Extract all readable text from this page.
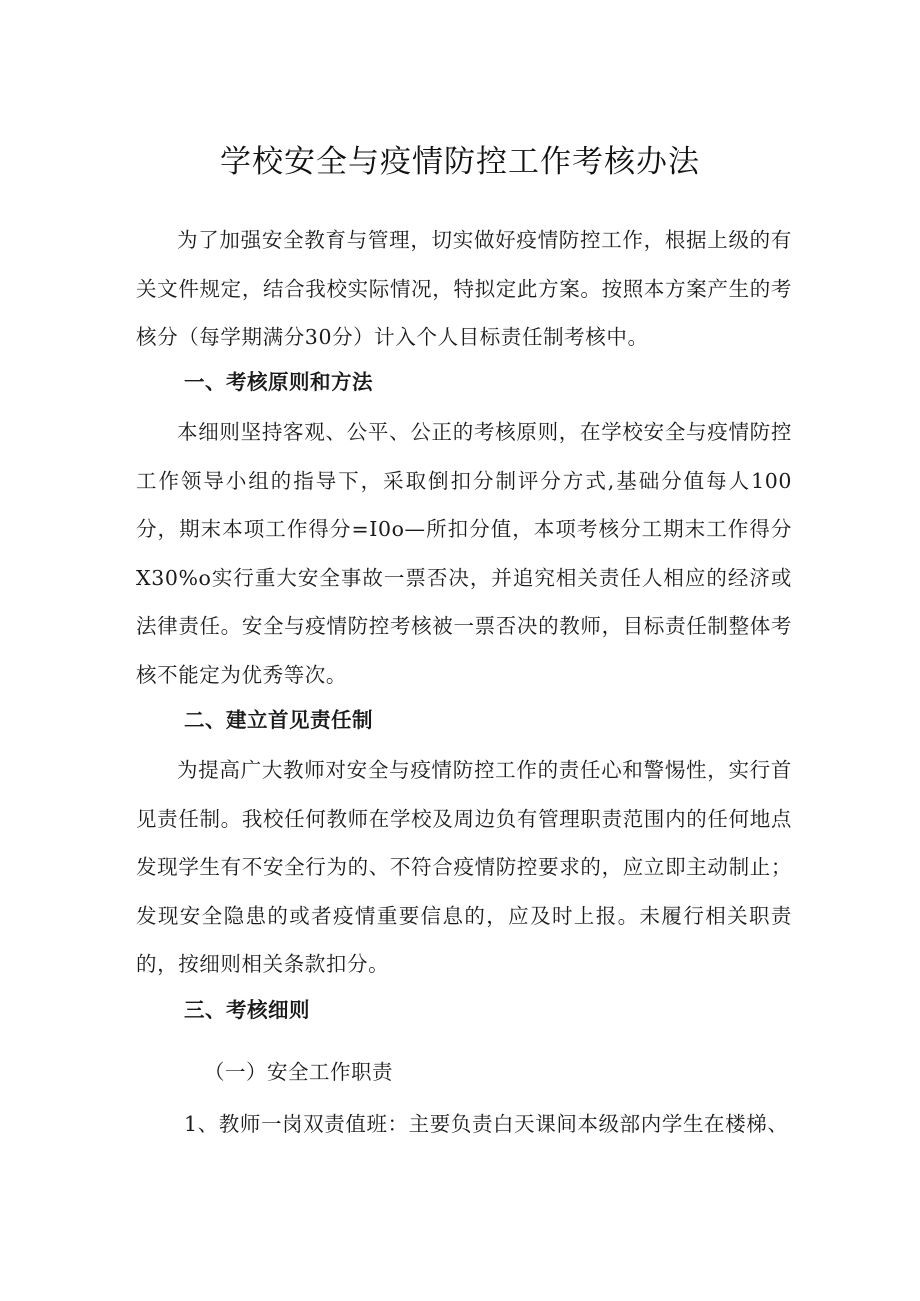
学校安全与疫情防控工作考核办法
为了加强安全教育与管理，切实做好疫情防控工作，根据上级的有关文件规定，结合我校实际情况，特拟定此方案。按照本方案产生的考核分（每学期满分30分）计入个人目标责任制考核中。
一、考核原则和方法
本细则坚持客观、公平、公正的考核原则，在学校安全与疫情防控工作领导小组的指导下，采取倒扣分制评分方式,基础分值每人100分，期末本项工作得分=I0o—所扣分值，本项考核分工期末工作得分X30%o实行重大安全事故一票否决，并追究相关责任人相应的经济或法律责任。安全与疫情防控考核被一票否决的教师，目标责任制整体考核不能定为优秀等次。
二、建立首见责任制
为提高广大教师对安全与疫情防控工作的责任心和警惕性，实行首见责任制。我校任何教师在学校及周边负有管理职责范围内的任何地点发现学生有不安全行为的、不符合疫情防控要求的，应立即主动制止；发现安全隐患的或者疫情重要信息的，应及时上报。未履行相关职责的，按细则相关条款扣分。
三、考核细则
（一）安全工作职责
1、教师一岗双责值班：主要负责白天课间本级部内学生在楼梯、
